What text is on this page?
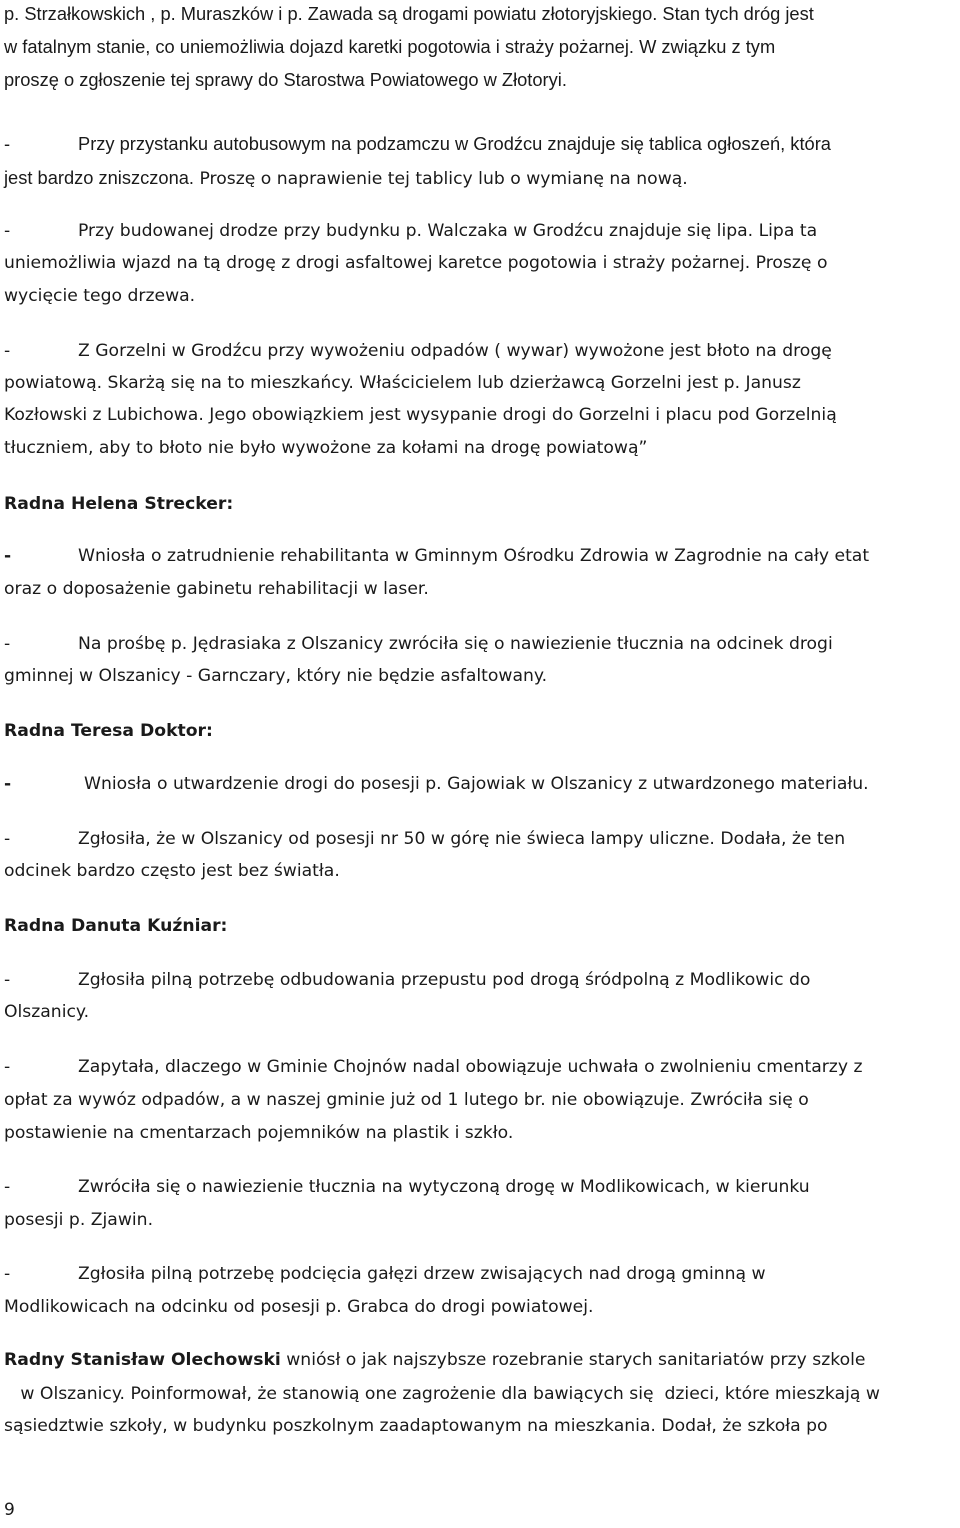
p. Strzałkowskich , p. Muraszków i p. Zawada są drogami powiatu złotoryjskiego. Stan tych dróg jest

w fatalnym stanie, co uniemożliwia dojazd karetki pogotowia i straży pożarnej. W związku z tym

proszę o zgłoszenie tej sprawy do Starostwa Powiatowego w Złotoryi.

-	Przy przystanku autobusowym na podzamczu w Grodźcu znajduje się tablica ogłoszeń, która

jest bardzo zniszczona. Proszę o naprawienie tej tablicy lub o wymianę na nową.

-	Przy budowanej drodze przy budynku p. Walczaka w Grodźcu znajduje się lipa. Lipa ta

uniemożliwia wjazd na tą drogę z drogi asfaltowej karetce pogotowia i straży pożarnej. Proszę o

wycięcie tego drzewa.

-	Z Gorzelni w Grodźcu przy wywożeniu odpadów ( wywar) wywożone jest błoto na drogę

powiatową. Skarżą się na to mieszkańcy. Właścicielem lub dzierżawcą Gorzelni jest p. Janusz

Kozłowski z Lubichowa. Jego obowiązkiem jest wysypanie drogi do Gorzelni i placu pod Gorzelnią

tłuczniem, aby to błoto nie było wywożone za kołami na drogę powiatową”

Radna Helena Strecker:

-	Wniosła o zatrudnienie rehabilitanta w Gminnym Ośrodku Zdrowia w Zagrodnie na cały etat

oraz o doposażenie gabinetu rehabilitacji w laser.

-	Na prośbę p. Jędrasiaka z Olszanicy zwróciła się o nawiezienie tłucznia na odcinek drogi

gminnej w Olszanicy - Garnczary, który nie będzie asfaltowany.

Radna Teresa Doktor:

-	Wniosła o utwardzenie drogi do posesji p. Gajowiak w Olszanicy z utwardzonego materiału.

-	Zgłosiła, że w Olszanicy od posesji nr 50 w górę nie świeca lampy uliczne. Dodała, że ten

odcinek bardzo często jest bez światła.

Radna Danuta Kuźniar:

-	Zgłosiła pilną potrzebę odbudowania przepustu pod drogą śródpolną z Modlikowic do

Olszanicy.

-	Zapytała, dlaczego w Gminie Chojnów nadal obowiązuje uchwała o zwolnieniu cmentarzy z

opłat za wywóz odpadów, a w naszej gminie już od 1 lutego br. nie obowiązuje. Zwróciła się o

postawienie na cmentarzach pojemników na plastik i szkło.

-	Zwróciła się o nawiezienie tłucznia na wytyczoną drogę w Modlikowicach, w kierunku

posesji p. Zjawin.

-	Zgłosiła pilną potrzebę podcięcia gałęzi drzew zwisających nad drogą gminną w

Modlikowicach na odcinku od posesji p. Grabca do drogi powiatowej.

Radny Stanisław Olechowski wniósł o jak najszybsze rozebranie starych sanitariatów przy szkole

w Olszanicy. Poinformował, że stanowią one zagrożenie dla bawiących się  dzieci, które mieszkają w

sąsiedztwie szkoły, w budynku poszkolnym zaadaptowanym na mieszkania. Dodał, że szkoła po

9
